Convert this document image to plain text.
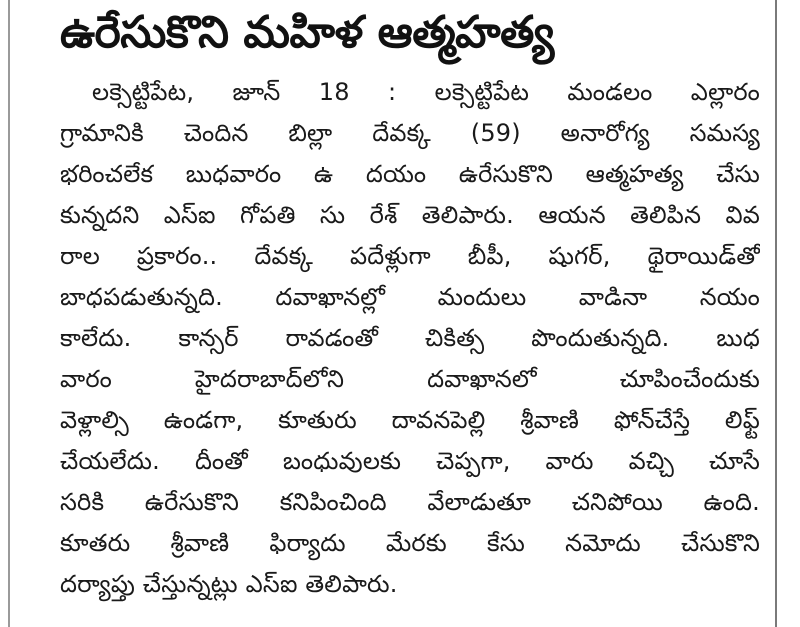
ఉరేసుకొని మహిళ ఆత్మహత్య
లక్సెట్టిపేట, జూన్ 18 : లక్సెట్టిపేట మండలం ఎల్లారం
గ్రామానికి చెందిన బిల్లా దేవక్క (59) అనారోగ్య సమస్య
భరించలేక బుధవారం ఉ దయం ఉరేసుకొని ఆత్మహత్య చేసు
కున్నదని ఎస్ఐ గోపతి సు రేశ్ తెలిపారు. ఆయన తెలిపిన వివ
రాల ప్రకారం.. దేవక్క పదేళ్లుగా బీపీ, షుగర్, థైరాయిడ్‌తో
బాధపడుతున్నది. దవాఖానల్లో మందులు వాడినా నయం
కాలేదు. కాన్సర్ రావడంతో చికిత్స పొందుతున్నది. బుధ
వారం హైదరాబాద్‌లోని దవాఖానలో చూపించేందుకు
వెళ్లాల్సి ఉండగా, కూతురు దావనపెల్లి శ్రీవాణి ఫోన్‌చేస్తే లిఫ్ట్
చేయలేదు. దీంతో బంధువులకు చెప్పగా, వారు వచ్చి చూసే
సరికి ఉరేసుకొని కనిపించింది వేలాడుతూ చనిపోయి ఉంది.
కూతరు శ్రీవాణి ఫిర్యాదు మేరకు కేసు నమోదు చేసుకొని
దర్యాప్తు చేస్తున్నట్లు ఎస్ఐ తెలిపారు.
